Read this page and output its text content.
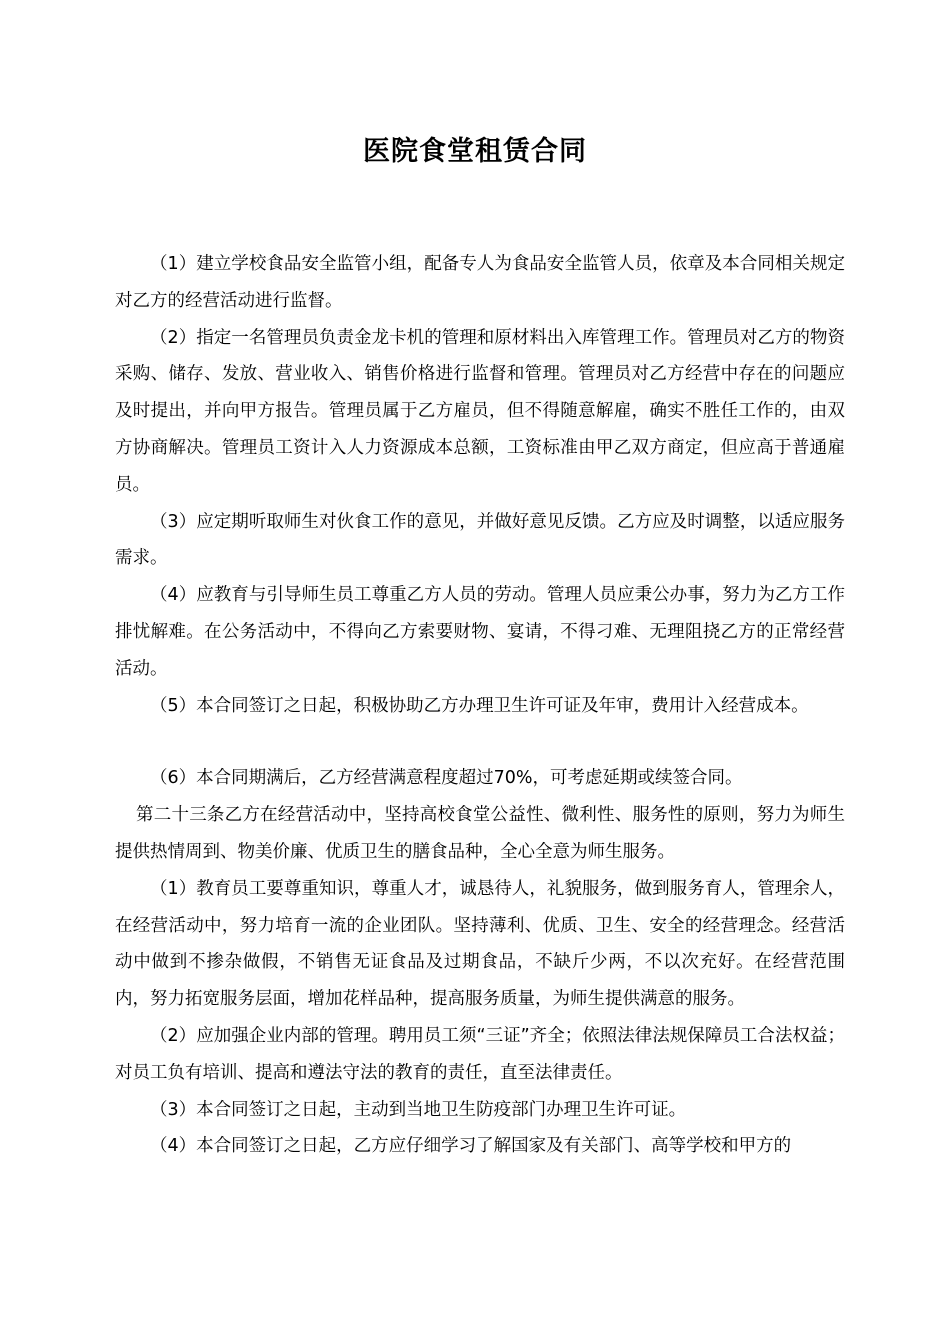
医院食堂租赁合同

（1）建立学校食品安全监管小组，配备专人为食品安全监管人员，依章及本合同相关规定对乙方的经营活动进行监督。

（2）指定一名管理员负责金龙卡机的管理和原材料出入库管理工作。管理员对乙方的物资采购、储存、发放、营业收入、销售价格进行监督和管理。管理员对乙方经营中存在的问题应及时提出，并向甲方报告。管理员属于乙方雇员，但不得随意解雇，确实不胜任工作的，由双方协商解决。管理员工资计入人力资源成本总额，工资标准由甲乙双方商定，但应高于普通雇员。

（3）应定期听取师生对伙食工作的意见，并做好意见反馈。乙方应及时调整，以适应服务需求。

（4）应教育与引导师生员工尊重乙方人员的劳动。管理人员应秉公办事，努力为乙方工作排忧解难。在公务活动中，不得向乙方索要财物、宴请，不得刁难、无理阻挠乙方的正常经营活动。

（5）本合同签订之日起，积极协助乙方办理卫生许可证及年审，费用计入经营成本。

（6）本合同期满后，乙方经营满意程度超过70%，可考虑延期或续签合同。

第二十三条乙方在经营活动中，坚持高校食堂公益性、微利性、服务性的原则，努力为师生提供热情周到、物美价廉、优质卫生的膳食品种，全心全意为师生服务。

（1）教育员工要尊重知识，尊重人才，诚恳待人，礼貌服务，做到服务育人，管理余人，在经营活动中，努力培育一流的企业团队。坚持薄利、优质、卫生、安全的经营理念。经营活动中做到不掺杂做假，不销售无证食品及过期食品，不缺斤少两，不以次充好。在经营范围内，努力拓宽服务层面，增加花样品种，提高服务质量，为师生提供满意的服务。

（2）应加强企业内部的管理。聘用员工须“三证”齐全；依照法律法规保障员工合法权益；对员工负有培训、提高和遵法守法的教育的责任，直至法律责任。

（3）本合同签订之日起，主动到当地卫生防疫部门办理卫生许可证。

（4）本合同签订之日起，乙方应仔细学习了解国家及有关部门、高等学校和甲方的
